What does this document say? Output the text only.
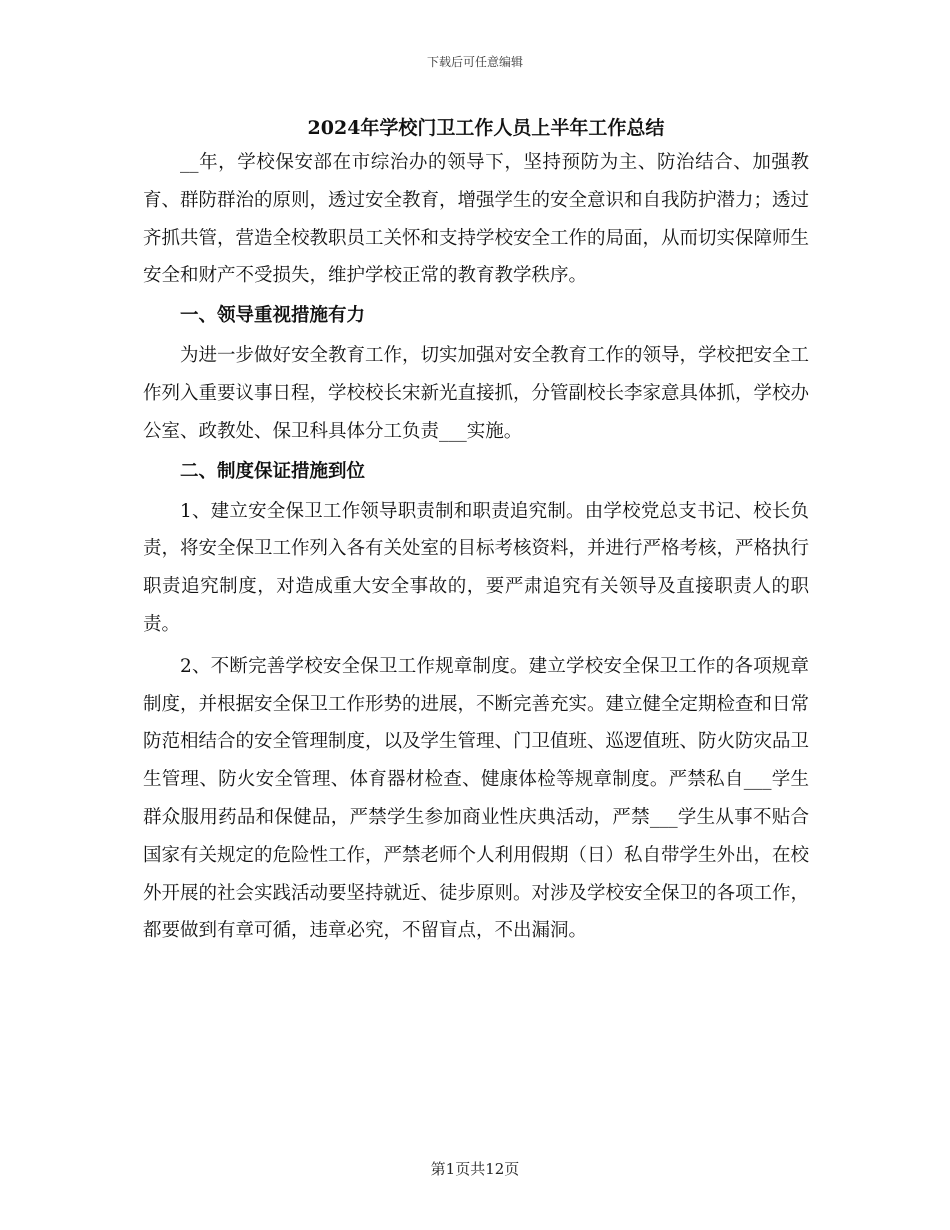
下载后可任意编辑
2024年学校门卫工作人员上半年工作总结

__年，学校保安部在市综治办的领导下，坚持预防为主、防治结合、加强教育、群防群治的原则，透过安全教育，增强学生的安全意识和自我防护潜力；透过齐抓共管，营造全校教职员工关怀和支持学校安全工作的局面，从而切实保障师生安全和财产不受损失，维护学校正常的教育教学秩序。

一、领导重视措施有力

为进一步做好安全教育工作，切实加强对安全教育工作的领导，学校把安全工作列入重要议事日程，学校校长宋新光直接抓，分管副校长李家意具体抓，学校办公室、政教处、保卫科具体分工负责___实施。

二、制度保证措施到位

1、建立安全保卫工作领导职责制和职责追究制。由学校党总支书记、校长负责，将安全保卫工作列入各有关处室的目标考核资料，并进行严格考核，严格执行职责追究制度，对造成重大安全事故的，要严肃追究有关领导及直接职责人的职责。

2、不断完善学校安全保卫工作规章制度。建立学校安全保卫工作的各项规章制度，并根据安全保卫工作形势的进展，不断完善充实。建立健全定期检查和日常防范相结合的安全管理制度，以及学生管理、门卫值班、巡逻值班、防火防灾品卫生管理、防火安全管理、体育器材检查、健康体检等规章制度。严禁私自___学生群众服用药品和保健品，严禁学生参加商业性庆典活动，严禁___学生从事不贴合国家有关规定的危险性工作，严禁老师个人利用假期（日）私自带学生外出，在校外开展的社会实践活动要坚持就近、徒步原则。对涉及学校安全保卫的各项工作，都要做到有章可循，违章必究，不留盲点，不出漏洞。

第1页共12页
